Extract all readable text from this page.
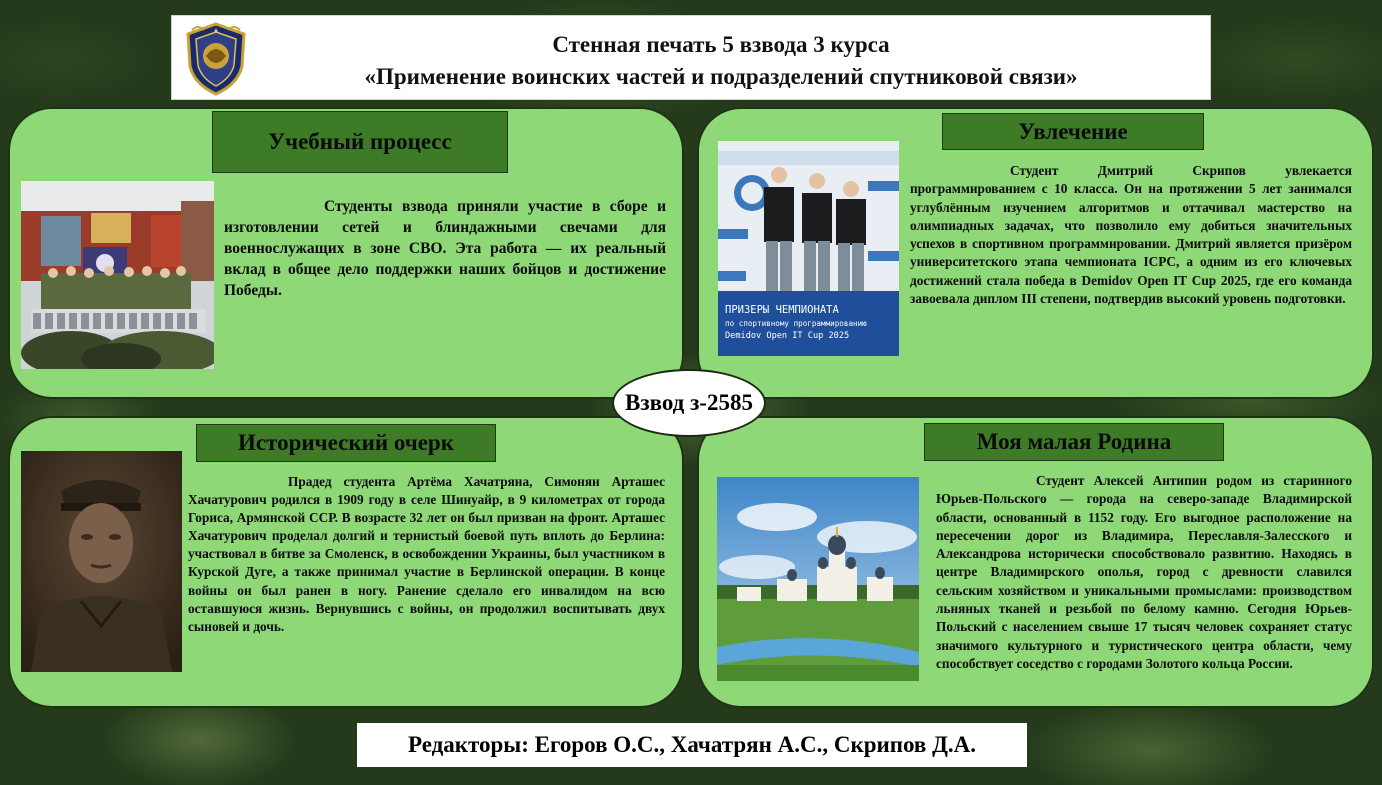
Стенная печать 5 взвода 3 курса
«Применение воинских частей и подразделений спутниковой связи»
Учебный процесс	Увлечение
Исторический очерк	Моя малая Родина
ПРИЗЕРЫ ЧЕМПИОНАТА
по спортивному программированию
Demidov Open IT Cup 2025
Студенты взвода приняли участие в сборе и изготовлении сетей и блиндажными свечами для военнослужащих в зоне СВО. Эта работа — их реальный вклад в общее дело поддержки наших бойцов и достижение Победы.
Студент Дмитрий Скрипов увлекается программированием с 10 класса. Он на протяжении 5 лет занимался углублённым изучением алгоритмов и оттачивал мастерство на олимпиадных задачах, что позволило ему добиться значительных успехов в спортивном программировании. Дмитрий является призёром университетского этапа чемпионата ICPC, а одним из его ключевых достижений стала победа в Demidov Open IT Cup 2025, где его команда завоевала диплом III степени, подтвердив высокий уровень подготовки.
Прадед студента Артёма Хачатряна, Симонян Арташес Хачатурович родился в 1909 году в селе Шинуайр, в 9 километрах от города Гориса, Армянской ССР. В возрасте 32 лет он был призван на фронт. Арташес Хачатурович проделал долгий и тернистый боевой путь вплоть до Берлина: участвовал в битве за Смоленск, в освобождении Украины, был участником в Курской Дуге, а также принимал участие в Берлинской операции. В конце войны он был ранен в ногу. Ранение сделало его инвалидом на всю оставшуюся жизнь. Вернувшись с войны, он продолжил воспитывать двух сыновей и дочь.
Студент Алексей Антипин родом из старинного Юрьев-Польского — города на северо-западе Владимирской области, основанный в 1152 году. Его выгодное расположение на пересечении дорог из Владимира, Переславля-Залесского и Александрова исторически способствовало развитию. Находясь в центре Владимирского ополья, город с древности славился сельским хозяйством и уникальными промыслами: производством льняных тканей и резьбой по белому камню. Сегодня Юрьев-Польский с населением свыше 17 тысяч человек сохраняет статус значимого культурного и туристического центра области, чему способствует соседство с городами Золотого кольца России.
Взвод з-2585
Редакторы: Егоров О.С., Хачатрян А.С., Скрипов Д.А.
